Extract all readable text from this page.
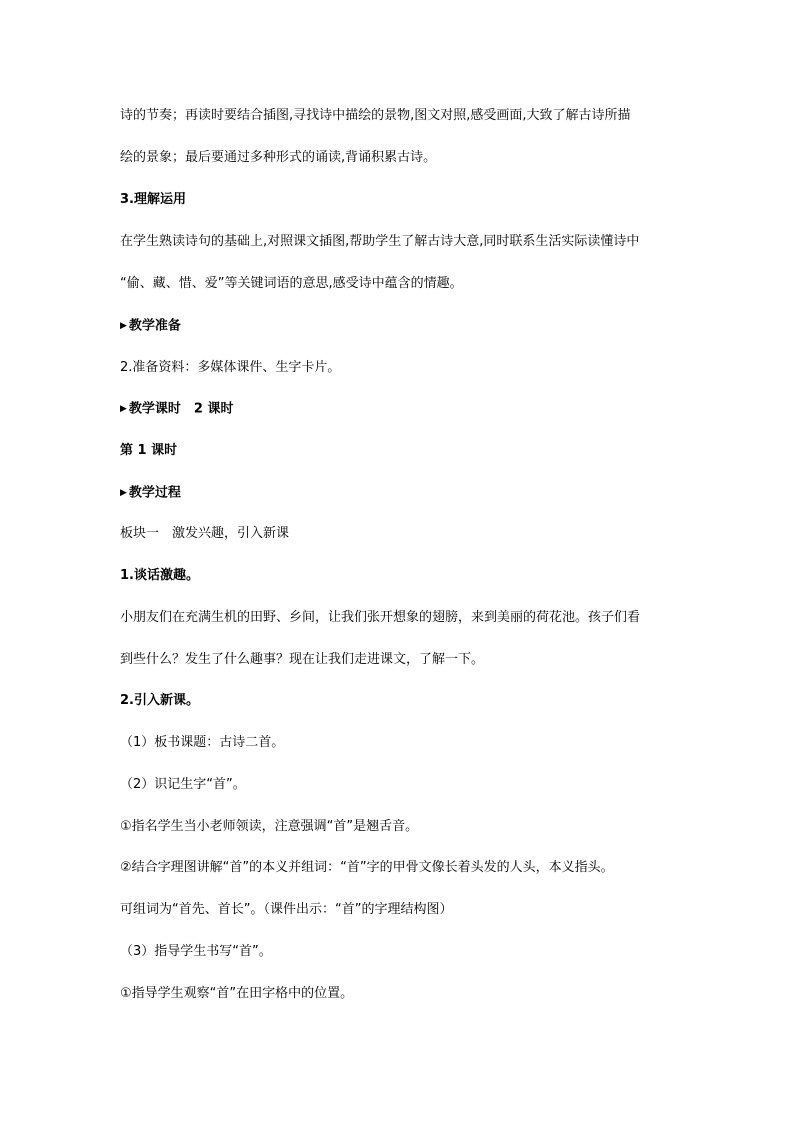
诗的节奏；再读时要结合插图,寻找诗中描绘的景物,图文对照,感受画面,大致了解古诗所描
绘的景象；最后要通过多种形式的诵读,背诵积累古诗。
3.理解运用
在学生熟读诗句的基础上,对照课文插图,帮助学生了解古诗大意,同时联系生活实际读懂诗中
“偷、藏、惜、爱”等关键词语的意思,感受诗中蕴含的情趣。
▶ 教学准备
2.准备资料：多媒体课件、生字卡片。
▶ 教学课时　2 课时
第 1 课时
▶ 教学过程
板块一　激发兴趣，引入新课
1.谈话激趣。
小朋友们在充满生机的田野、乡间，让我们张开想象的翅膀，来到美丽的荷花池。孩子们看
到些什么？发生了什么趣事？现在让我们走进课文，了解一下。
2.引入新课。
（1）板书课题：古诗二首。
（2）识记生字“首”。
①指名学生当小老师领读，注意强调“首”是翘舌音。
②结合字理图讲解“首”的本义并组词：“首”字的甲骨文像长着头发的人头，本义指头。
可组词为“首先、首长”。（课件出示：“首”的字理结构图）
（3）指导学生书写“首”。
①指导学生观察“首”在田字格中的位置。
